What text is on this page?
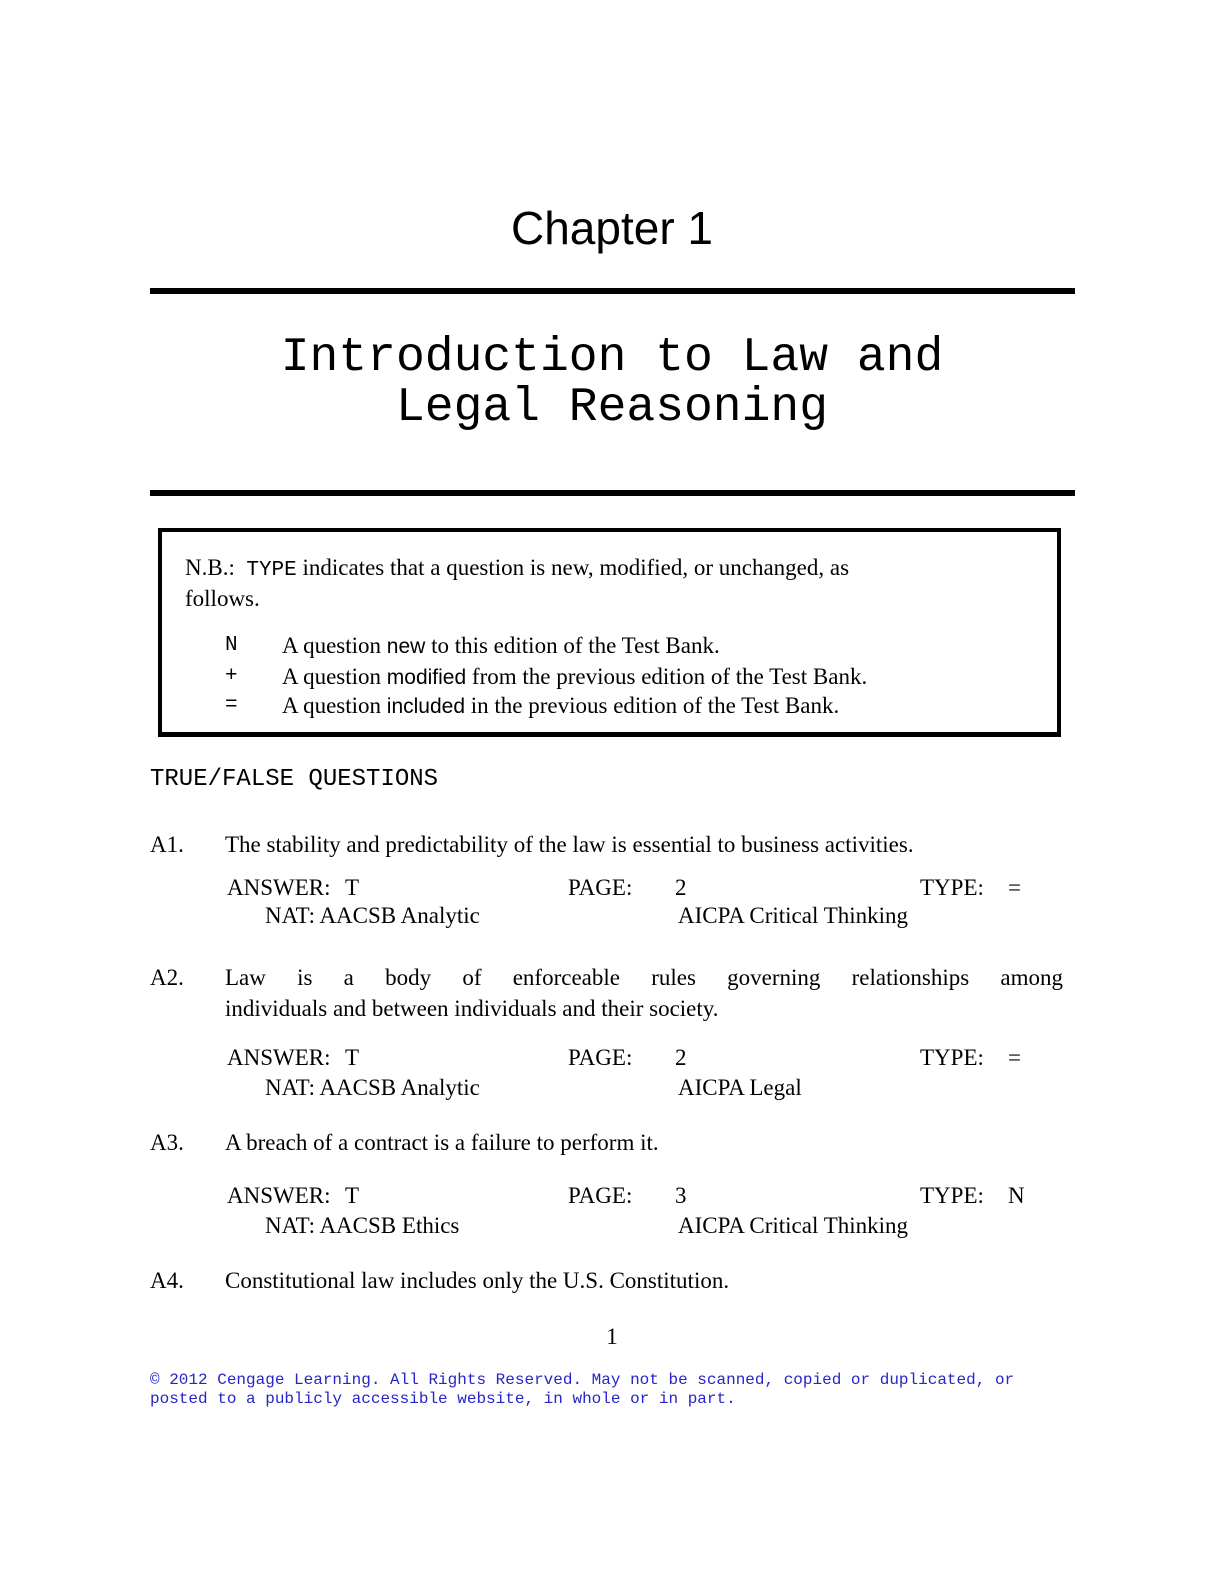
Chapter 1
Introduction to Law and
Legal Reasoning
N.B.: TYPE indicates that a question is new, modified, or unchanged, as
follows.
N A question new to this edition of the Test Bank.
+ A question modified from the previous edition of the Test Bank.
= A question included in the previous edition of the Test Bank.
TRUE/FALSE QUESTIONS
A1. The stability and predictability of the law is essential to business activities.
ANSWER: T	PAGE: 2	TYPE: =
NAT: AACSB Analytic	AICPA Critical Thinking
A2. Law is a body of enforceable rules governing relationships among
individuals and between individuals and their society.
ANSWER: T	PAGE: 2	TYPE: =
NAT: AACSB Analytic	AICPA Legal
A3. A breach of a contract is a failure to perform it.
ANSWER: T	PAGE: 3	TYPE: N
NAT: AACSB Ethics	AICPA Critical Thinking
A4. Constitutional law includes only the U.S. Constitution.
1
© 2012 Cengage Learning. All Rights Reserved. May not be scanned, copied or duplicated, or
posted to a publicly accessible website, in whole or in part.
